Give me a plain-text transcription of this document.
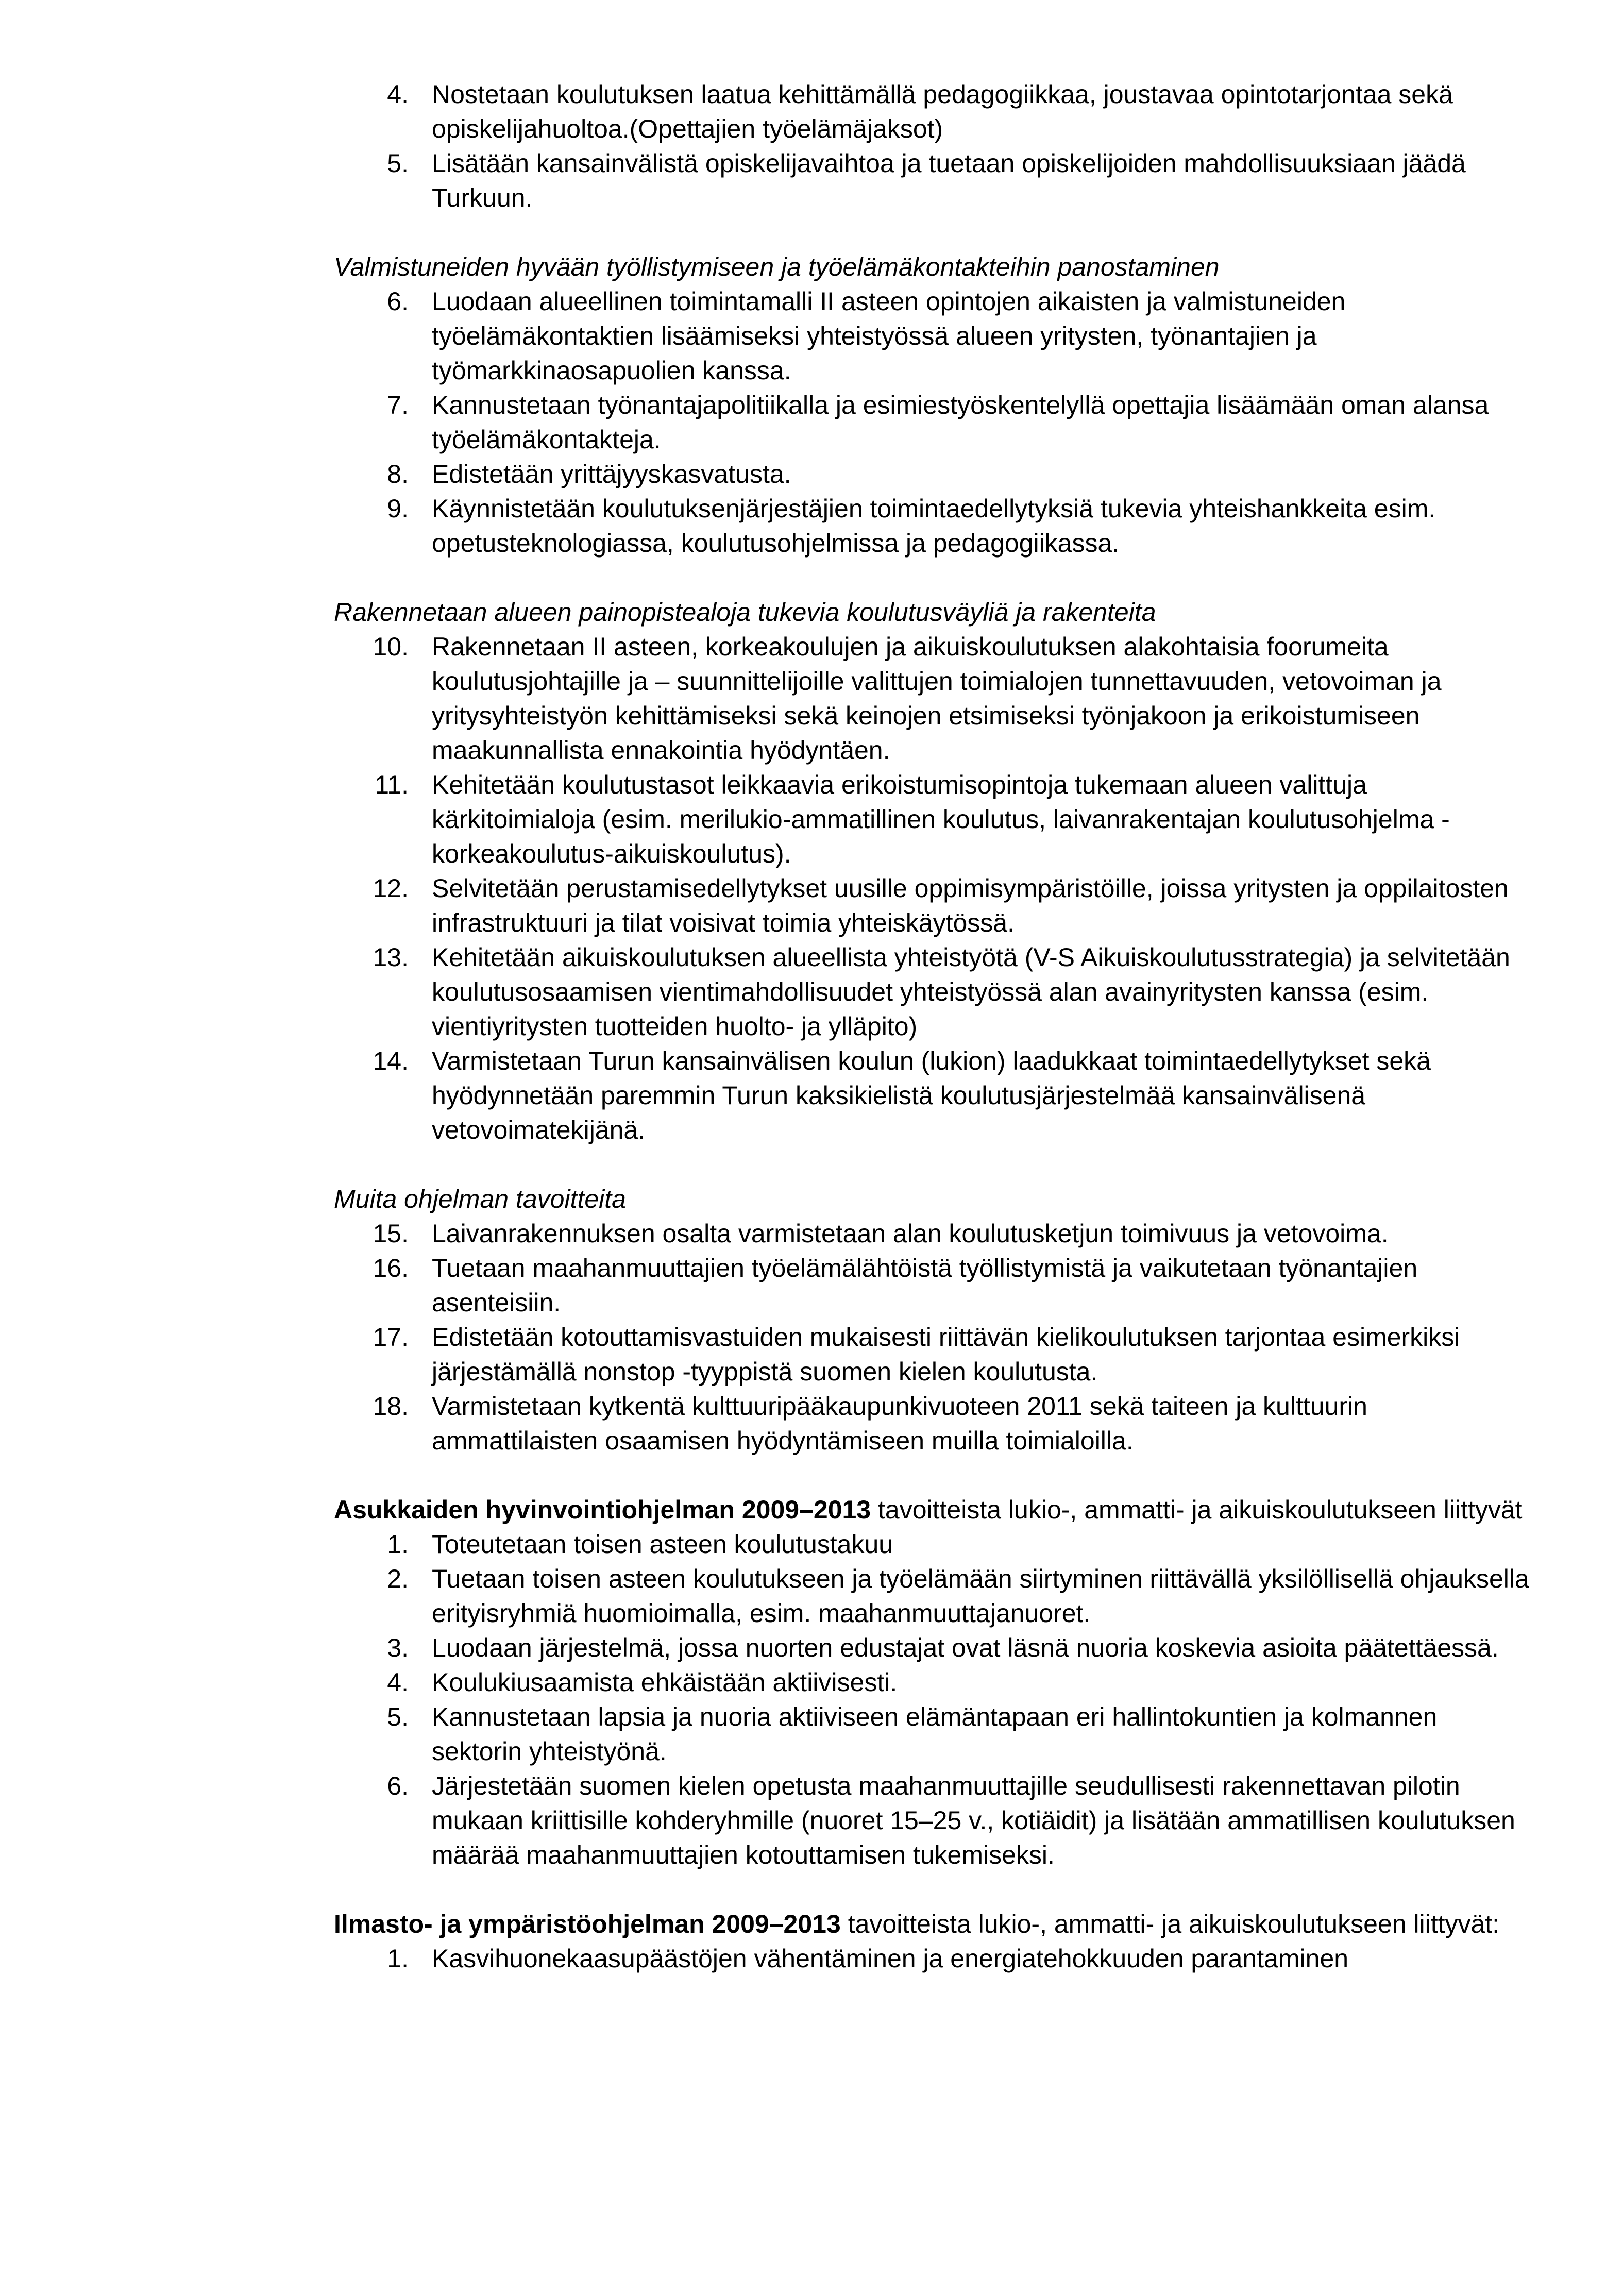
4. Nostetaan koulutuksen laatua kehittämällä pedagogiikkaa, joustavaa opintotarjontaa sekä opiskelijahuoltoa.(Opettajien työelämäjaksot)
5. Lisätään kansainvälistä opiskelijavaihtoa ja tuetaan opiskelijoiden mahdollisuuksiaan jäädä Turkuun.

Valmistuneiden hyvään työllistymiseen ja työelämäkontakteihin panostaminen

6. Luodaan alueellinen toimintamalli II asteen opintojen aikaisten ja valmistuneiden työelämäkontaktien lisäämiseksi yhteistyössä alueen yritysten, työnantajien ja työmarkkinaosapuolien kanssa.
7. Kannustetaan työnantajapolitiikalla ja esimiestyöskentelyllä opettajia lisäämään oman alansa työelämäkontakteja.
8. Edistetään yrittäjyyskasvatusta.
9. Käynnistetään koulutuksenjärjestäjien toimintaedellytyksiä tukevia yhteishankkeita esim. opetusteknologiassa, koulutusohjelmissa ja pedagogiikassa.

Rakennetaan alueen painopistealoja tukevia koulutusväyliä ja rakenteita

10. Rakennetaan II asteen, korkeakoulujen ja aikuiskoulutuksen alakohtaisia foorumeita koulutusjohtajille ja – suunnittelijoille valittujen toimialojen tunnettavuuden, vetovoiman ja yritysyhteistyön kehittämiseksi sekä keinojen etsimiseksi työnjakoon ja erikoistumiseen maakunnallista ennakointia hyödyntäen.
11. Kehitetään koulutustasot leikkaavia erikoistumisopintoja tukemaan alueen valittuja kärkitoimialoja (esim. merilukio-ammatillinen koulutus, laivanrakentajan koulutusohjelma -korkeakoulutus-aikuiskoulutus).
12. Selvitetään perustamisedellytykset uusille oppimisympäristöille, joissa yritysten ja oppilaitosten infrastruktuuri ja tilat voisivat toimia yhteiskäytössä.
13. Kehitetään aikuiskoulutuksen alueellista yhteistyötä (V-S Aikuiskoulutusstrategia) ja selvitetään koulutusosaamisen vientimahdollisuudet yhteistyössä alan avainyritysten kanssa (esim. vientiyritysten tuotteiden huolto- ja ylläpito)
14. Varmistetaan Turun kansainvälisen koulun (lukion) laadukkaat toimintaedellytykset sekä hyödynnetään paremmin Turun kaksikielistä koulutusjärjestelmää kansainvälisenä vetovoimatekijänä.

Muita ohjelman tavoitteita

15. Laivanrakennuksen osalta varmistetaan alan koulutusketjun toimivuus ja vetovoima.
16. Tuetaan maahanmuuttajien työelämälähtöistä työllistymistä ja vaikutetaan työnantajien asenteisiin.
17. Edistetään kotouttamisvastuiden mukaisesti riittävän kielikoulutuksen tarjontaa esimerkiksi järjestämällä nonstop -tyyppistä suomen kielen koulutusta.
18. Varmistetaan kytkentä kulttuuripääkaupunkivuoteen 2011 sekä taiteen ja kulttuurin ammattilaisten osaamisen hyödyntämiseen muilla toimialoilla.

Asukkaiden hyvinvointiohjelman 2009–2013 tavoitteista lukio-, ammatti- ja aikuiskoulutukseen liittyvät

1. Toteutetaan toisen asteen koulutustakuu
2. Tuetaan toisen asteen koulutukseen ja työelämään siirtyminen riittävällä yksilöllisellä ohjauksella erityisryhmiä huomioimalla, esim. maahanmuuttajanuoret.
3. Luodaan järjestelmä, jossa nuorten edustajat ovat läsnä nuoria koskevia asioita päätettäessä.
4. Koulukiusaamista ehkäistään aktiivisesti.
5. Kannustetaan lapsia ja nuoria aktiiviseen elämäntapaan eri hallintokuntien ja kolmannen sektorin yhteistyönä.
6. Järjestetään suomen kielen opetusta maahanmuuttajille seudullisesti rakennettavan pilotin mukaan kriittisille kohderyhmille (nuoret 15–25 v., kotiäidit) ja lisätään ammatillisen koulutuksen määrää maahanmuuttajien kotouttamisen tukemiseksi.

Ilmasto- ja ympäristöohjelman 2009–2013 tavoitteista lukio-, ammatti- ja aikuiskoulutukseen liittyvät:

1. Kasvihuonekaasupäästöjen vähentäminen ja energiatehokkuuden parantaminen
